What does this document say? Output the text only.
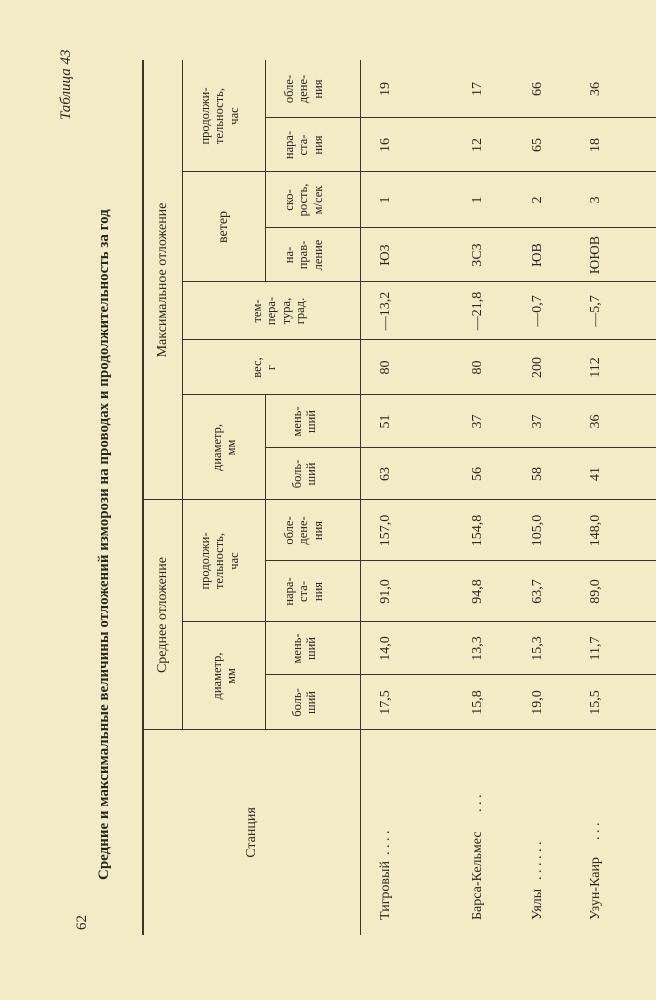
Таблица 43
Средние и максимальные величины отложений изморози на проводах и продолжительность за год
62
Станция
Среднее отложение
Максимальное отложение
диаметр, мм
боль- ший
мень- ший
продолжи- тельность, час
нара- ста- ния
обле- дене- ния
диаметр, мм
боль- ший
мень- ший
вес, г
тем- пера- тура, град.
ветер
на- прав- ление
ско- рость, м/сек
продолжи- тельность, час
нара- ста- ния
обле- дене- ния
Тигровый
. . . .
17,5
14,0
91,0
157,0
63
51
80
—13,2
ЮЗ
1
16
19
Барса-Кельмес
. . .
15,8
13,3
94,8
154,8
56
37
80
—21,8
ЗСЗ
1
12
17
Уялы
. . . . . .
19,0
15,3
63,7
105,0
58
37
200
—0,7
ЮВ
2
65
66
Узун-Каир
. . .
15,5
11,7
89,0
148,0
41
36
112
—5,7
ЮЮВ
3
18
36
